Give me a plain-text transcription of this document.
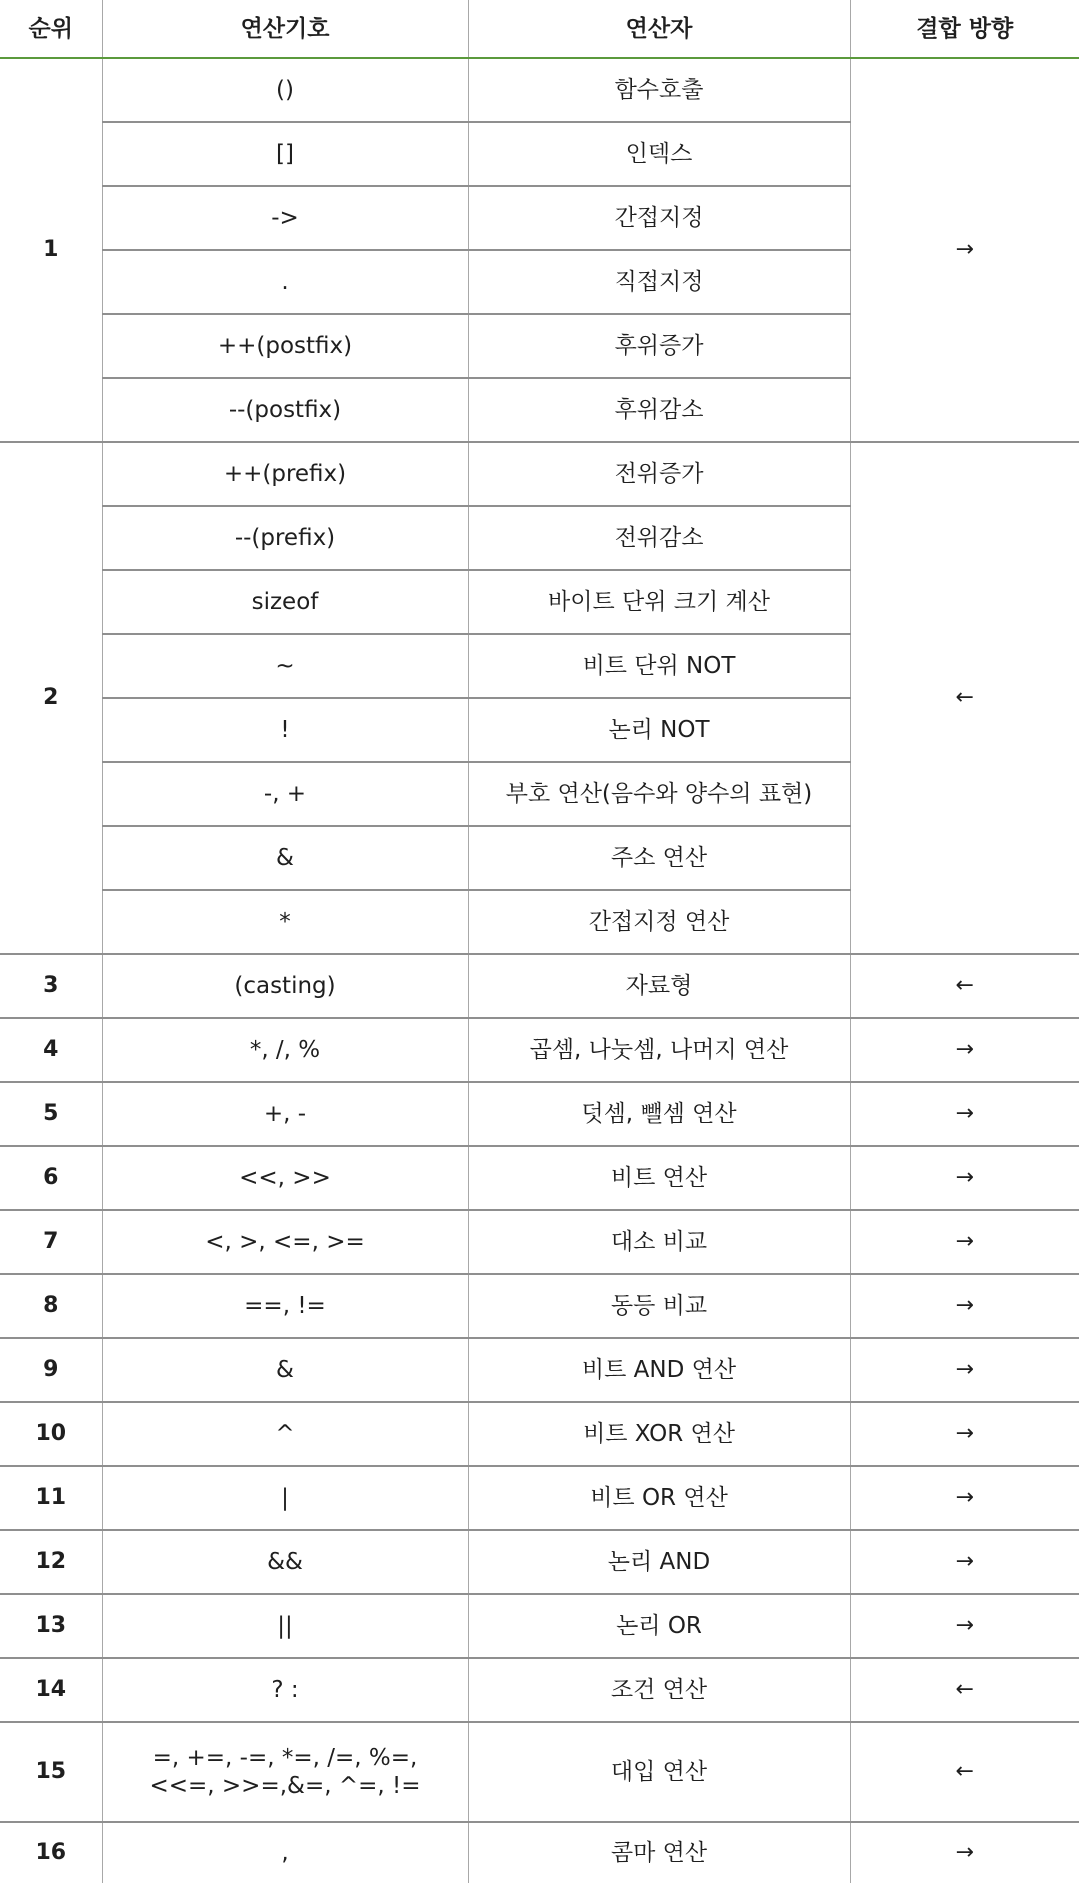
순위	연산기호	연산자	결합 방향
1	()	함수호출	→
	[]	인덱스	
	->	간접지정	
	.	직접지정	
	++(postfix)	후위증가	
	--(postfix)	후위감소	
2	++(prefix)	전위증가	←
	--(prefix)	전위감소	
	sizeof	바이트 단위 크기 계산	
	~	비트 단위 NOT	
	!	논리 NOT	
	-, +	부호 연산(음수와 양수의 표현)	
	&	주소 연산	
	*	간접지정 연산	
3	(casting)	자료형	←
4	*, /, %	곱셈, 나눗셈, 나머지 연산	→
5	+, -	덧셈, 뺄셈 연산	→
6	<<, >>	비트 연산	→
7	<, >, <=, >=	대소 비교	→
8	==, !=	동등 비교	→
9	&	비트 AND 연산	→
10	^	비트 XOR 연산	→
11	|	비트 OR 연산	→
12	&&	논리 AND	→
13	||	논리 OR	→
14	? :	조건 연산	←
15	=, +=, -=, *=, /=, %=,
<<=, >>=,&=, ^=, !=	대입 연산	←
16	,	콤마 연산	→
